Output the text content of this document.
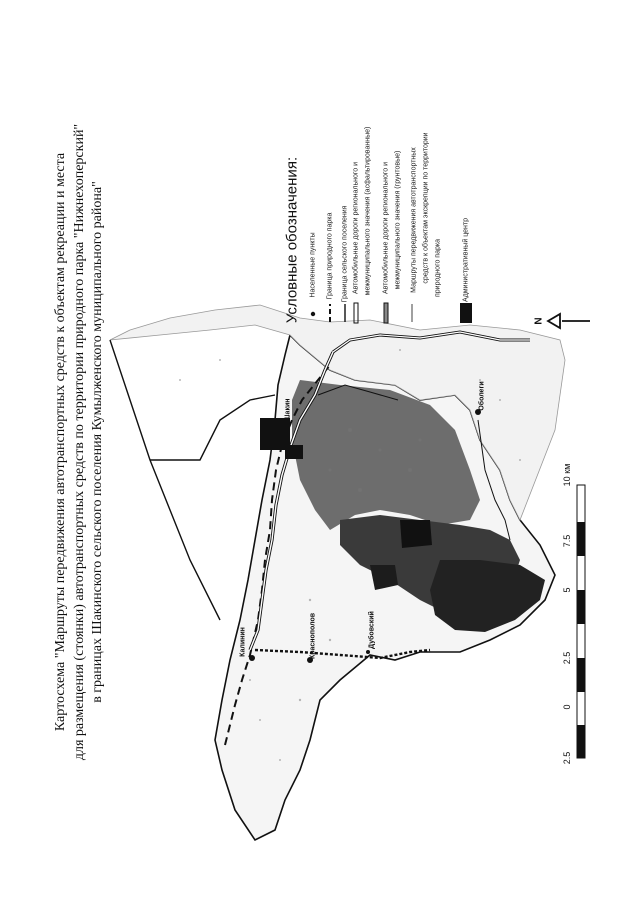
Картосхема "Маршруты передвижения автотранспортных средств к объектам рекреации и места для размещения (стоянки) автотранспортных средств по территории природного парка "Нижнехоперский" в границах Шакинского сельского поселения Кумылженского муниципального района"	Условные обозначения: Населенные пункты Граница природного парка Граница сельского поселения Автомобильные дороги регионального и межмуниципального значения (асфальтированные) Автомобильные дороги регионального и межмуниципального значения (грунтовые) Маршруты передвижения автотранспортных средств к объектам экскрепции по территории природного парка	Административный центр
Шакин
Калинин	Краснополов	Дубовский
Оболеги
2.5
0
2.5
5
7.5
10 км
N
